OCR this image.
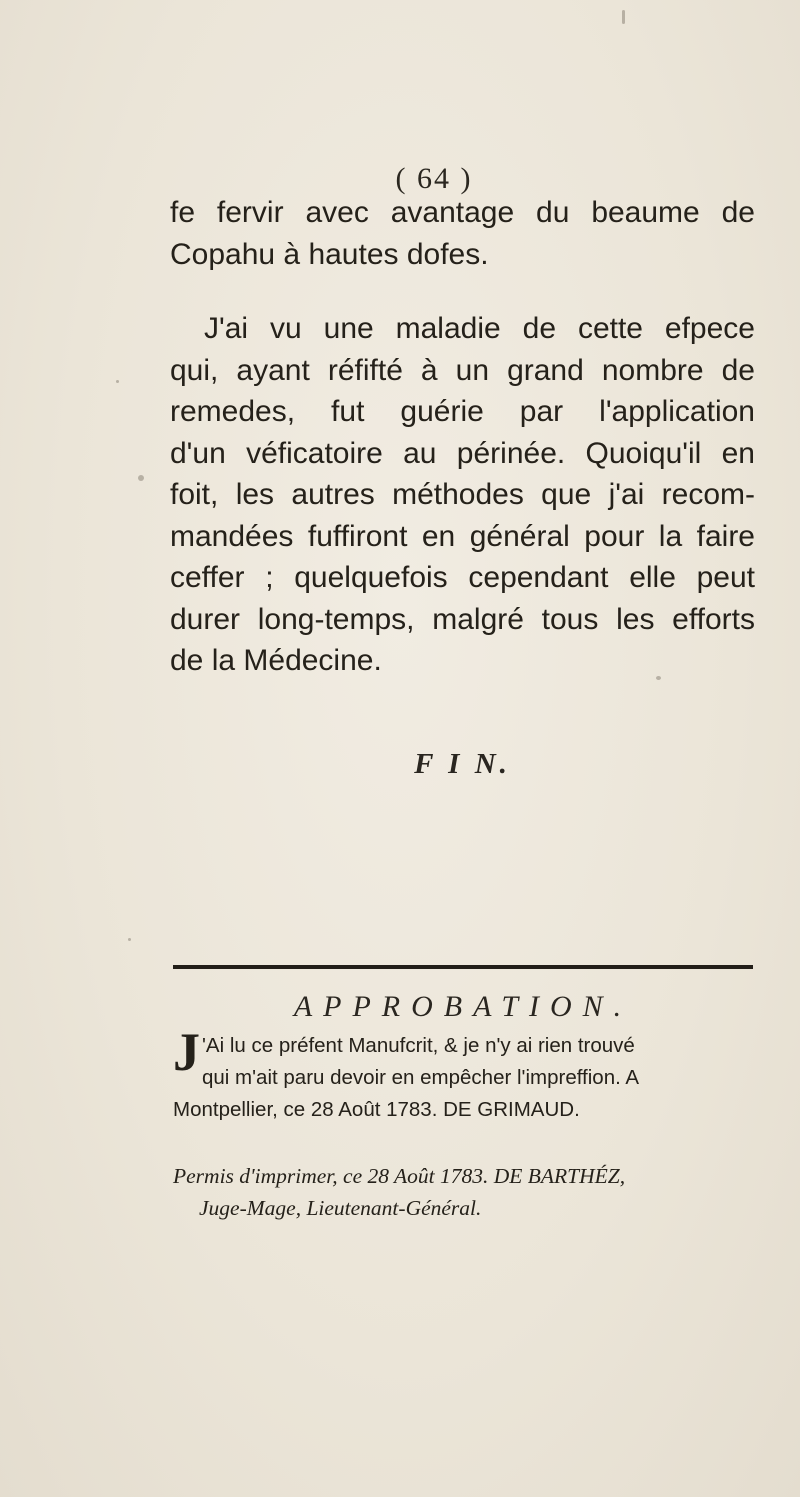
( 64 )

fe fervir avec avantage du beaume de

Copahu à hautes dofes.

J'ai vu une maladie de cette efpece

qui, ayant réfifté à un grand nombre de

remedes, fut guérie par l'application

d'un véficatoire au périnée. Quoiqu'il en

foit, les autres méthodes que j'ai recom-

mandées fuffiront en général pour la faire

ceffer ; quelquefois cependant elle peut

durer long-temps, malgré tous les efforts

de la Médecine.

F I N.
APPROBATION.
J 'Ai lu ce préfent Manufcrit, & je n'y ai rien trouvé
qui m'ait paru devoir en empêcher l'impreffion. A
Montpellier, ce 28 Août 1783. DE GRIMAUD.
Permis d'imprimer, ce 28 Août 1783. DE BARTHÉZ,
Juge-Mage, Lieutenant-Général.
